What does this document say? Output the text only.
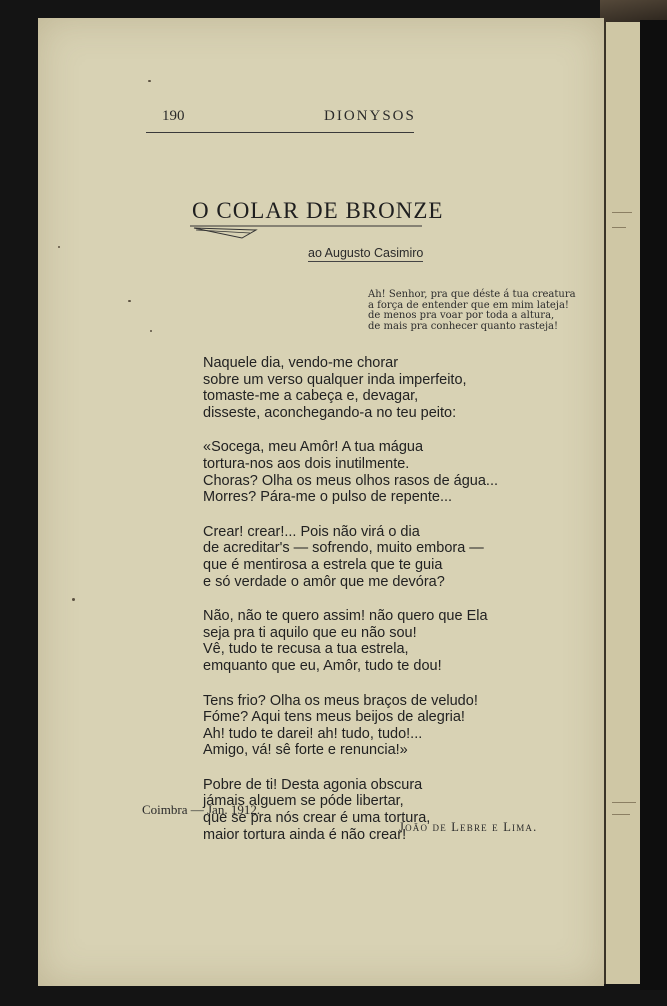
190	DIONYSOS
O COLAR DE BRONZE
ao Augusto Casimiro
Ah! Senhor, pra que déste á tua creatura
a força de entender que em mim lateja!
de menos pra voar por toda a altura,
de mais pra conhecer quanto rasteja!
Naquele dia, vendo-me chorar
sobre um verso qualquer inda imperfeito,
tomaste-me a cabeça e, devagar,
disseste, aconchegando-a no teu peito:
«Socega, meu Amôr! A tua mágua
tortura-nos aos dois inutilmente.
Choras? Olha os meus olhos rasos de água...
Morres? Pára-me o pulso de repente...
Crear! crear!... Pois não virá o dia
de acreditar's — sofrendo, muito embora —
que é mentirosa a estrela que te guia
e só verdade o amôr que me devóra?
Não, não te quero assim! não quero que Ela
seja pra ti aquilo que eu não sou!
Vê, tudo te recusa a tua estrela,
emquanto que eu, Amôr, tudo te dou!
Tens frio? Olha os meus braços de veludo!
Fóme? Aqui tens meus beijos de alegria!
Ah! tudo te darei! ah! tudo, tudo!...
Amigo, vá! sê forte e renuncia!»
Pobre de ti! Desta agonia obscura
jámais alguem se póde libertar,
que se pra nós crear é uma tortura,
maior tortura ainda é não crear!
Coimbra — Jan. 1912.
João de Lebre e Lima.
